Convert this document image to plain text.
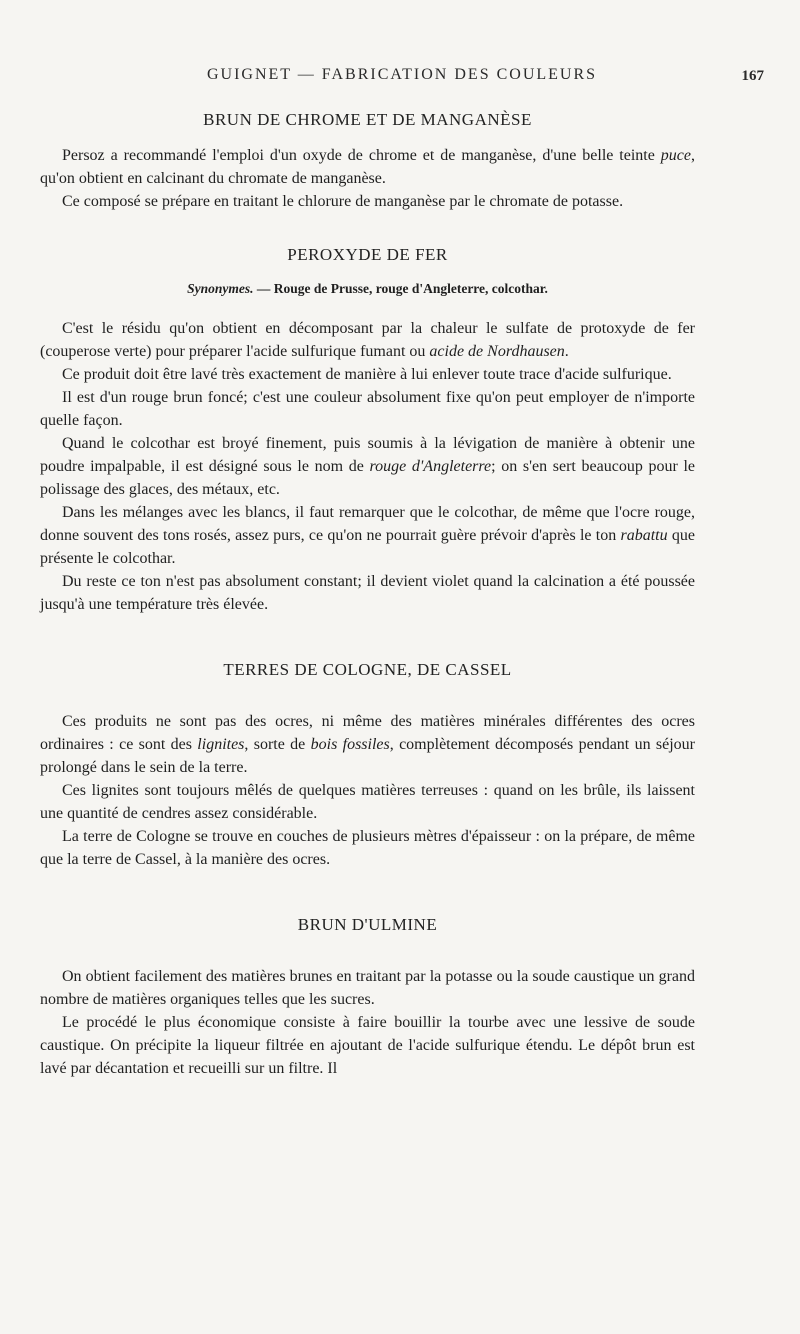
GUIGNET — FABRICATION DES COULEURS	167
BRUN DE CHROME ET DE MANGANÈSE

Persoz a recommandé l'emploi d'un oxyde de chrome et de manganèse, d'une belle teinte puce, qu'on obtient en calcinant du chromate de manganèse.

Ce composé se prépare en traitant le chlorure de manganèse par le chromate de potasse.

PEROXYDE DE FER
Synonymes. — Rouge de Prusse, rouge d'Angleterre, colcothar.

C'est le résidu qu'on obtient en décomposant par la chaleur le sulfate de protoxyde de fer (couperose verte) pour préparer l'acide sulfurique fumant ou acide de Nordhausen.

Ce produit doit être lavé très exactement de manière à lui enlever toute trace d'acide sulfurique.

Il est d'un rouge brun foncé; c'est une couleur absolument fixe qu'on peut employer de n'importe quelle façon.

Quand le colcothar est broyé finement, puis soumis à la lévigation de manière à obtenir une poudre impalpable, il est désigné sous le nom de rouge d'Angleterre; on s'en sert beaucoup pour le polissage des glaces, des métaux, etc.

Dans les mélanges avec les blancs, il faut remarquer que le colcothar, de même que l'ocre rouge, donne souvent des tons rosés, assez purs, ce qu'on ne pourrait guère prévoir d'après le ton rabattu que présente le colcothar.

Du reste ce ton n'est pas absolument constant; il devient violet quand la calcination a été poussée jusqu'à une température très élevée.

TERRES DE COLOGNE, DE CASSEL

Ces produits ne sont pas des ocres, ni même des matières minérales différentes des ocres ordinaires : ce sont des lignites, sorte de bois fossiles, complètement décomposés pendant un séjour prolongé dans le sein de la terre.

Ces lignites sont toujours mêlés de quelques matières terreuses : quand on les brûle, ils laissent une quantité de cendres assez considérable.

La terre de Cologne se trouve en couches de plusieurs mètres d'épaisseur : on la prépare, de même que la terre de Cassel, à la manière des ocres.

BRUN D'ULMINE

On obtient facilement des matières brunes en traitant par la potasse ou la soude caustique un grand nombre de matières organiques telles que les sucres.

Le procédé le plus économique consiste à faire bouillir la tourbe avec une lessive de soude caustique. On précipite la liqueur filtrée en ajoutant de l'acide sulfurique étendu. Le dépôt brun est lavé par décantation et recueilli sur un filtre. Il
